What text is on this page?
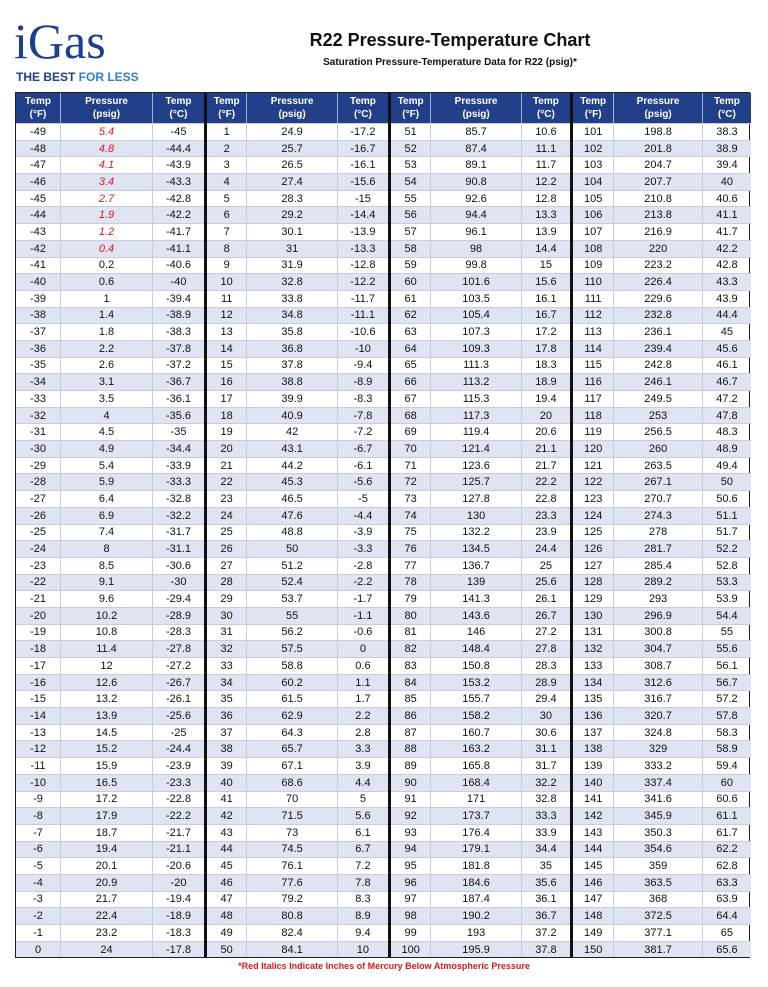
iGas
THE BEST FOR LESS
R22 Pressure-Temperature Chart
Saturation Pressure-Temperature Data for R22 (psig)*
Temp
(°F)
Pressure
(psig)
Temp
(°C)
-49	5.4	-45
-48	4.8	-44.4
-47	4.1	-43.9
-46	3.4	-43.3
-45	2.7	-42.8
-44	1.9	-42.2
-43	1.2	-41.7
-42	0.4	-41.1
-41	0.2	-40.6
-40	0.6	-40
-39	1	-39.4
-38	1.4	-38.9
-37	1.8	-38.3
-36	2.2	-37.8
-35	2.6	-37.2
-34	3.1	-36.7
-33	3.5	-36.1
-32	4	-35.6
-31	4.5	-35
-30	4.9	-34.4
-29	5.4	-33.9
-28	5.9	-33.3
-27	6.4	-32.8
-26	6.9	-32.2
-25	7.4	-31.7
-24	8	-31.1
-23	8.5	-30.6
-22	9.1	-30
-21	9.6	-29.4
-20	10.2	-28.9
-19	10.8	-28.3
-18	11.4	-27.8
-17	12	-27.2
-16	12.6	-26.7
-15	13.2	-26.1
-14	13.9	-25.6
-13	14.5	-25
-12	15.2	-24.4
-11	15.9	-23.9
-10	16.5	-23.3
-9	17.2	-22.8
-8	17.9	-22.2
-7	18.7	-21.7
-6	19.4	-21.1
-5	20.1	-20.6
-4	20.9	-20
-3	21.7	-19.4
-2	22.4	-18.9
-1	23.2	-18.3
0	24	-17.8
Temp
(°F)
Pressure
(psig)
Temp
(°C)
1	24.9	-17.2
2	25.7	-16.7
3	26.5	-16.1
4	27.4	-15.6
5	28.3	-15
6	29.2	-14.4
7	30.1	-13.9
8	31	-13.3
9	31.9	-12.8
10	32.8	-12.2
11	33.8	-11.7
12	34.8	-11.1
13	35.8	-10.6
14	36.8	-10
15	37.8	-9.4
16	38.8	-8.9
17	39.9	-8.3
18	40.9	-7.8
19	42	-7.2
20	43.1	-6.7
21	44.2	-6.1
22	45.3	-5.6
23	46.5	-5
24	47.6	-4.4
25	48.8	-3.9
26	50	-3.3
27	51.2	-2.8
28	52.4	-2.2
29	53.7	-1.7
30	55	-1.1
31	56.2	-0.6
32	57.5	0
33	58.8	0.6
34	60.2	1.1
35	61.5	1.7
36	62.9	2.2
37	64.3	2.8
38	65.7	3.3
39	67.1	3.9
40	68.6	4.4
41	70	5
42	71.5	5.6
43	73	6.1
44	74.5	6.7
45	76.1	7.2
46	77.6	7.8
47	79.2	8.3
48	80.8	8.9
49	82.4	9.4
50	84.1	10
Temp
(°F)
Pressure
(psig)
Temp
(°C)
51	85.7	10.6
52	87.4	11.1
53	89.1	11.7
54	90.8	12.2
55	92.6	12.8
56	94.4	13.3
57	96.1	13.9
58	98	14.4
59	99.8	15
60	101.6	15.6
61	103.5	16.1
62	105.4	16.7
63	107.3	17.2
64	109.3	17.8
65	111.3	18.3
66	113.2	18.9
67	115.3	19.4
68	117.3	20
69	119.4	20.6
70	121.4	21.1
71	123.6	21.7
72	125.7	22.2
73	127.8	22.8
74	130	23.3
75	132.2	23.9
76	134.5	24.4
77	136.7	25
78	139	25.6
79	141.3	26.1
80	143.6	26.7
81	146	27.2
82	148.4	27.8
83	150.8	28.3
84	153.2	28.9
85	155.7	29.4
86	158.2	30
87	160.7	30.6
88	163.2	31.1
89	165.8	31.7
90	168.4	32.2
91	171	32.8
92	173.7	33.3
93	176.4	33.9
94	179.1	34.4
95	181.8	35
96	184.6	35.6
97	187.4	36.1
98	190.2	36.7
99	193	37.2
100	195.9	37.8
Temp
(°F)
Pressure
(psig)
Temp
(°C)
101	198.8	38.3
102	201.8	38.9
103	204.7	39.4
104	207.7	40
105	210.8	40.6
106	213.8	41.1
107	216.9	41.7
108	220	42.2
109	223.2	42.8
110	226.4	43.3
111	229.6	43.9
112	232.8	44.4
113	236.1	45
114	239.4	45.6
115	242.8	46.1
116	246.1	46.7
117	249.5	47.2
118	253	47.8
119	256.5	48.3
120	260	48.9
121	263.5	49.4
122	267.1	50
123	270.7	50.6
124	274.3	51.1
125	278	51.7
126	281.7	52.2
127	285.4	52.8
128	289.2	53.3
129	293	53.9
130	296.9	54.4
131	300.8	55
132	304.7	55.6
133	308.7	56.1
134	312.6	56.7
135	316.7	57.2
136	320.7	57.8
137	324.8	58.3
138	329	58.9
139	333.2	59.4
140	337.4	60
141	341.6	60.6
142	345.9	61.1
143	350.3	61.7
144	354.6	62.2
145	359	62.8
146	363.5	63.3
147	368	63.9
148	372.5	64.4
149	377.1	65
150	381.7	65.6
*Red Italics Indicate Inches of Mercury Below Atmospheric Pressure
